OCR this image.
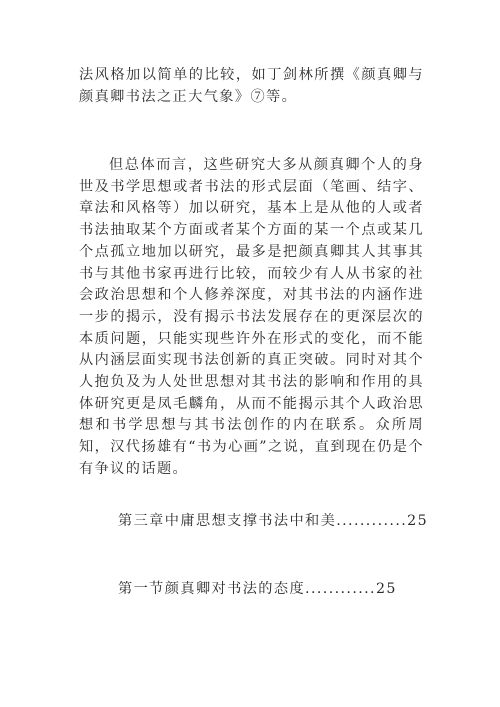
法风格加以简单的比较，如丁剑林所撰《颜真卿与颜真卿书法之正大气象》⑦等。

但总体而言，这些研究大多从颜真卿个人的身世及书学思想或者书法的形式层面（笔画、结字、章法和风格等）加以研究，基本上是从他的人或者书法抽取某个方面或者某个方面的某一个点或某几个点孤立地加以研究，最多是把颜真卿其人其事其书与其他书家再进行比较，而较少有人从书家的社会政治思想和个人修养深度，对其书法的内涵作进一步的揭示，没有揭示书法发展存在的更深层次的本质问题，只能实现些许外在形式的变化，而不能从内涵层面实现书法创新的真正突破。同时对其个人抱负及为人处世思想对其书法的影响和作用的具体研究更是凤毛麟角，从而不能揭示其个人政治思想和书学思想与其书法创作的内在联系。众所周知，汉代扬雄有“书为心画”之说，直到现在仍是个有争议的话题。

第三章中庸思想支撑书法中和美............25

第一节颜真卿对书法的态度............25
